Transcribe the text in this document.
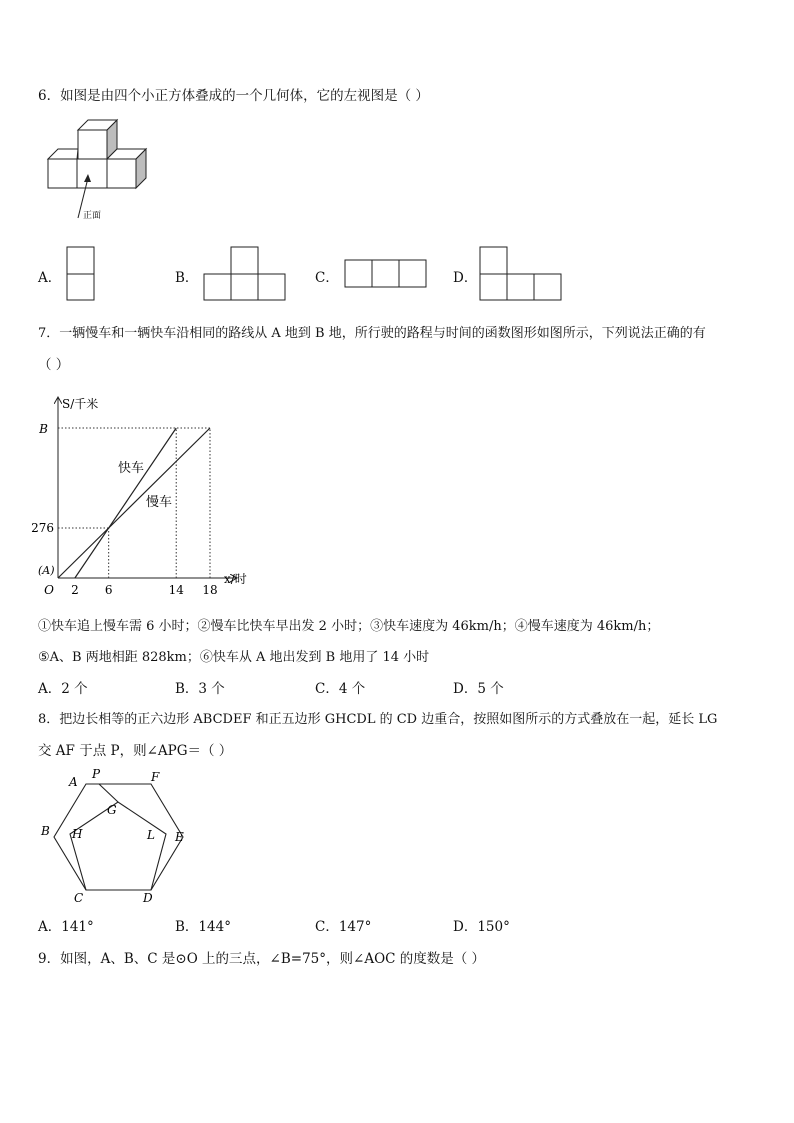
6．如图是由四个小正方体叠成的一个几何体，它的左视图是（ ）
正面
A．	B．	C．	D．
7．一辆慢车和一辆快车沿相同的路线从 A 地到 B 地，所行驶的路程与时间的函数图形如图所示，下列说法正确的有
（ ）
快车
慢车
2 6	14 18
276
B
S/千米
x/时
(A)
O
①快车追上慢车需 6 小时；②慢车比快车早出发 2 小时；③快车速度为 46km/h；④慢车速度为 46km/h；
⑤A、B 两地相距 828km；⑥快车从 A 地出发到 B 地用了 14 小时
A．2 个	B．3 个	C．4 个	D．5 个
8．把边长相等的正六边形 ABCDEF 和正五边形 GHCDL 的 CD 边重合，按照如图所示的方式叠放在一起，延长 LG
交 AF 于点 P，则∠APG＝（ ）
A
B
C	D
E
F
G
H	L
P
A．141°	B．144°	C．147°	D．150°
9．如图，A、B、C 是⊙O 上的三点，∠B=75°，则∠AOC 的度数是（ ）
